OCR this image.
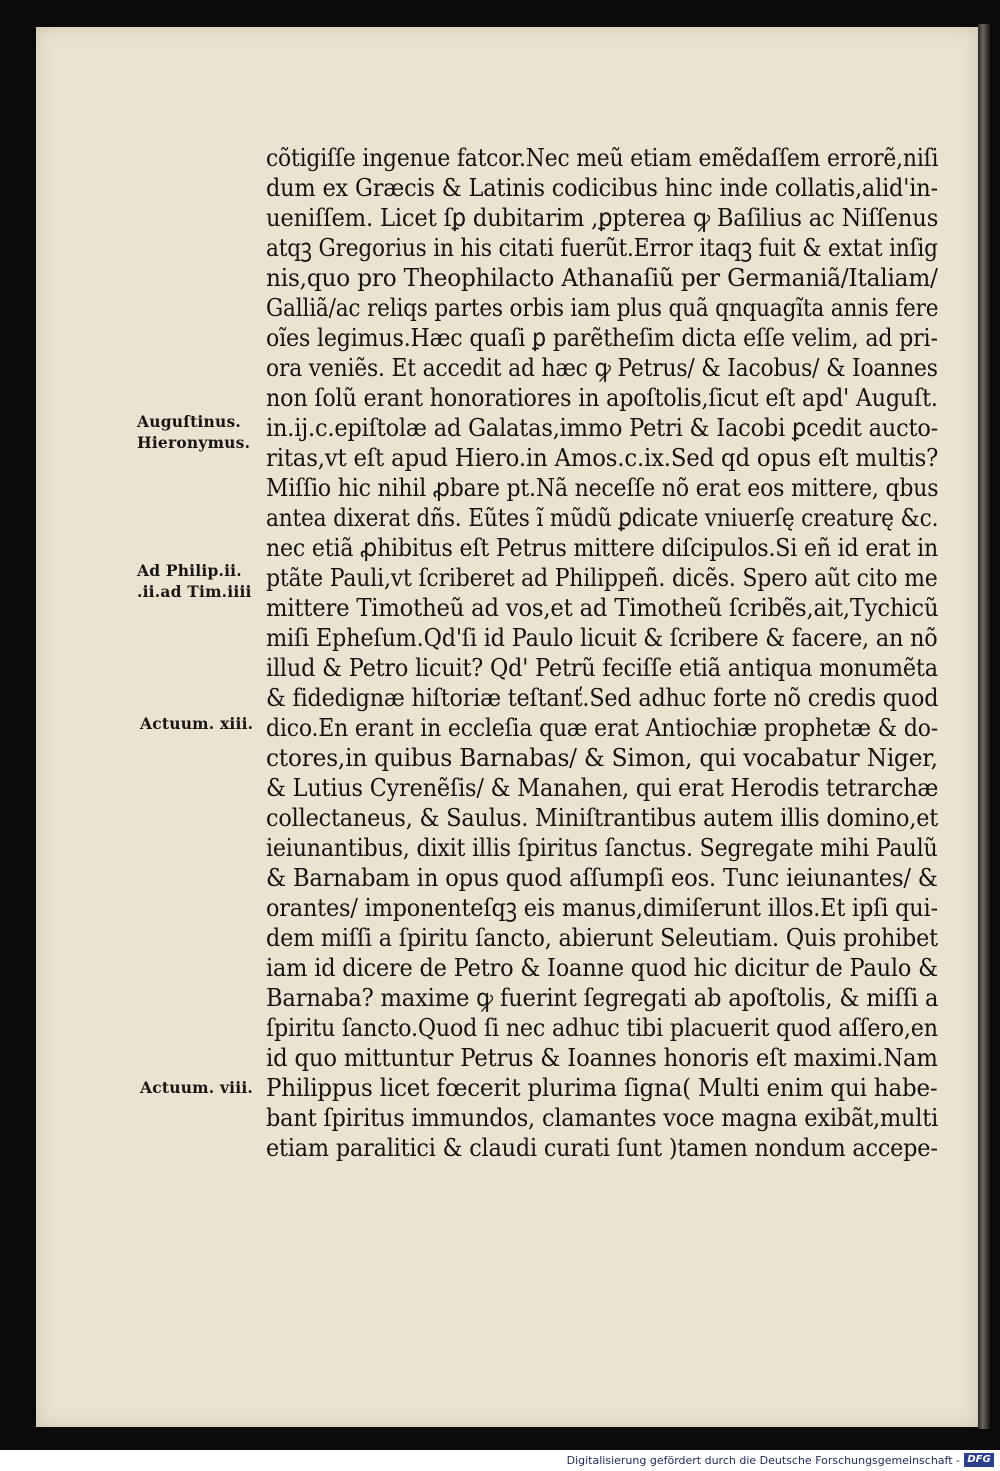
cõtigiſſe ingenue fatcor.Nec meũ etiam emẽdaſſem errorẽ,niſi
dum ex Græcis & Latinis codicibus hinc inde collatis,alid'in-
ueniſſem. Licet ſꝑ dubitarim ,ꝑpterea ꝙ Baſilius ac Niſſenus
atqꝫ Gregorius in his citati fuerũt.Error itaqꝫ fuit & extat inſig
nis,quo pro Theophilacto Athanaſiũ per Germaniã/Italiam/
Galliã/ac reliqs partes orbis iam plus quã qnquagĩta annis fere
oĩes legimus.Hæc quaſi ꝑ parẽtheſim dicta eſſe velim, ad pri-
ora veniẽs. Et accedit ad hæc ꝙ Petrus/ & Iacobus/ & Ioannes
non ſolũ erant honoratiores in apoſtolis,ſicut eſt apd' Auguſt.
in.ij.c.epiſtolæ ad Galatas,immo Petri & Iacobi ꝑcedit aucto-
ritas,vt eſt apud Hiero.in Amos.c.ix.Sed qd opus eſt multis?
Miſſio hic nihil ꝓbare pt.Nã neceſſe nõ erat eos mittere, qbus
antea dixerat dñs. Eũtes ĩ mũdũ ꝑdicate vniuerſę creaturę &c.
nec etiã ꝓhibitus eſt Petrus mittere diſcipulos.Si eñ id erat in
ptãte Pauli,vt ſcriberet ad Philippeñ. dicẽs. Spero aũt cito me
mittere Timotheũ ad vos,et ad Timotheũ ſcribẽs,ait,Tychicũ
miſi Epheſum.Qd'ſi id Paulo licuit & ſcribere & facere, an nõ
illud & Petro licuit? Qd' Petrũ feciſſe etiã antiqua monumẽta
& fidedignæ hiſtoriæ teſtanť.Sed adhuc forte nõ credis quod
dico.En erant in eccleſia quæ erat Antiochiæ prophetæ & do-
ctores,in quibus Barnabas/ & Simon, qui vocabatur Niger,
& Lutius Cyrenẽſis/ & Manahen, qui erat Herodis tetrarchæ
collectaneus, & Saulus. Miniſtrantibus autem illis domino,et
ieiunantibus, dixit illis ſpiritus ſanctus. Segregate mihi Paulũ
& Barnabam in opus quod aſſumpſi eos. Tunc ieiunantes/ &
orantes/ imponenteſqꝫ eis manus,dimiſerunt illos.Et ipſi qui-
dem miſſi a ſpiritu ſancto, abierunt Seleutiam. Quis prohibet
iam id dicere de Petro & Ioanne quod hic dicitur de Paulo &
Barnaba? maxime ꝙ fuerint ſegregati ab apoſtolis, & miſſi a
ſpiritu ſancto.Quod ſi nec adhuc tibi placuerit quod aſſero,en
id quo mittuntur Petrus & Ioannes honoris eſt maximi.Nam
Philippus licet fœcerit plurima ſigna( Multi enim qui habe-
bant ſpiritus immundos, clamantes voce magna exibãt,multi
etiam paralitici & claudi curati ſunt )tamen nondum accepe-
Auguſtinus.
Hieronymus.
Ad Philip.ii.
.ii.ad Tim.iiii
Actuum. xiii.
Actuum. viii.
Digitalisierung gefördert durch die Deutsche Forschungsgemeinschaft - DFG
